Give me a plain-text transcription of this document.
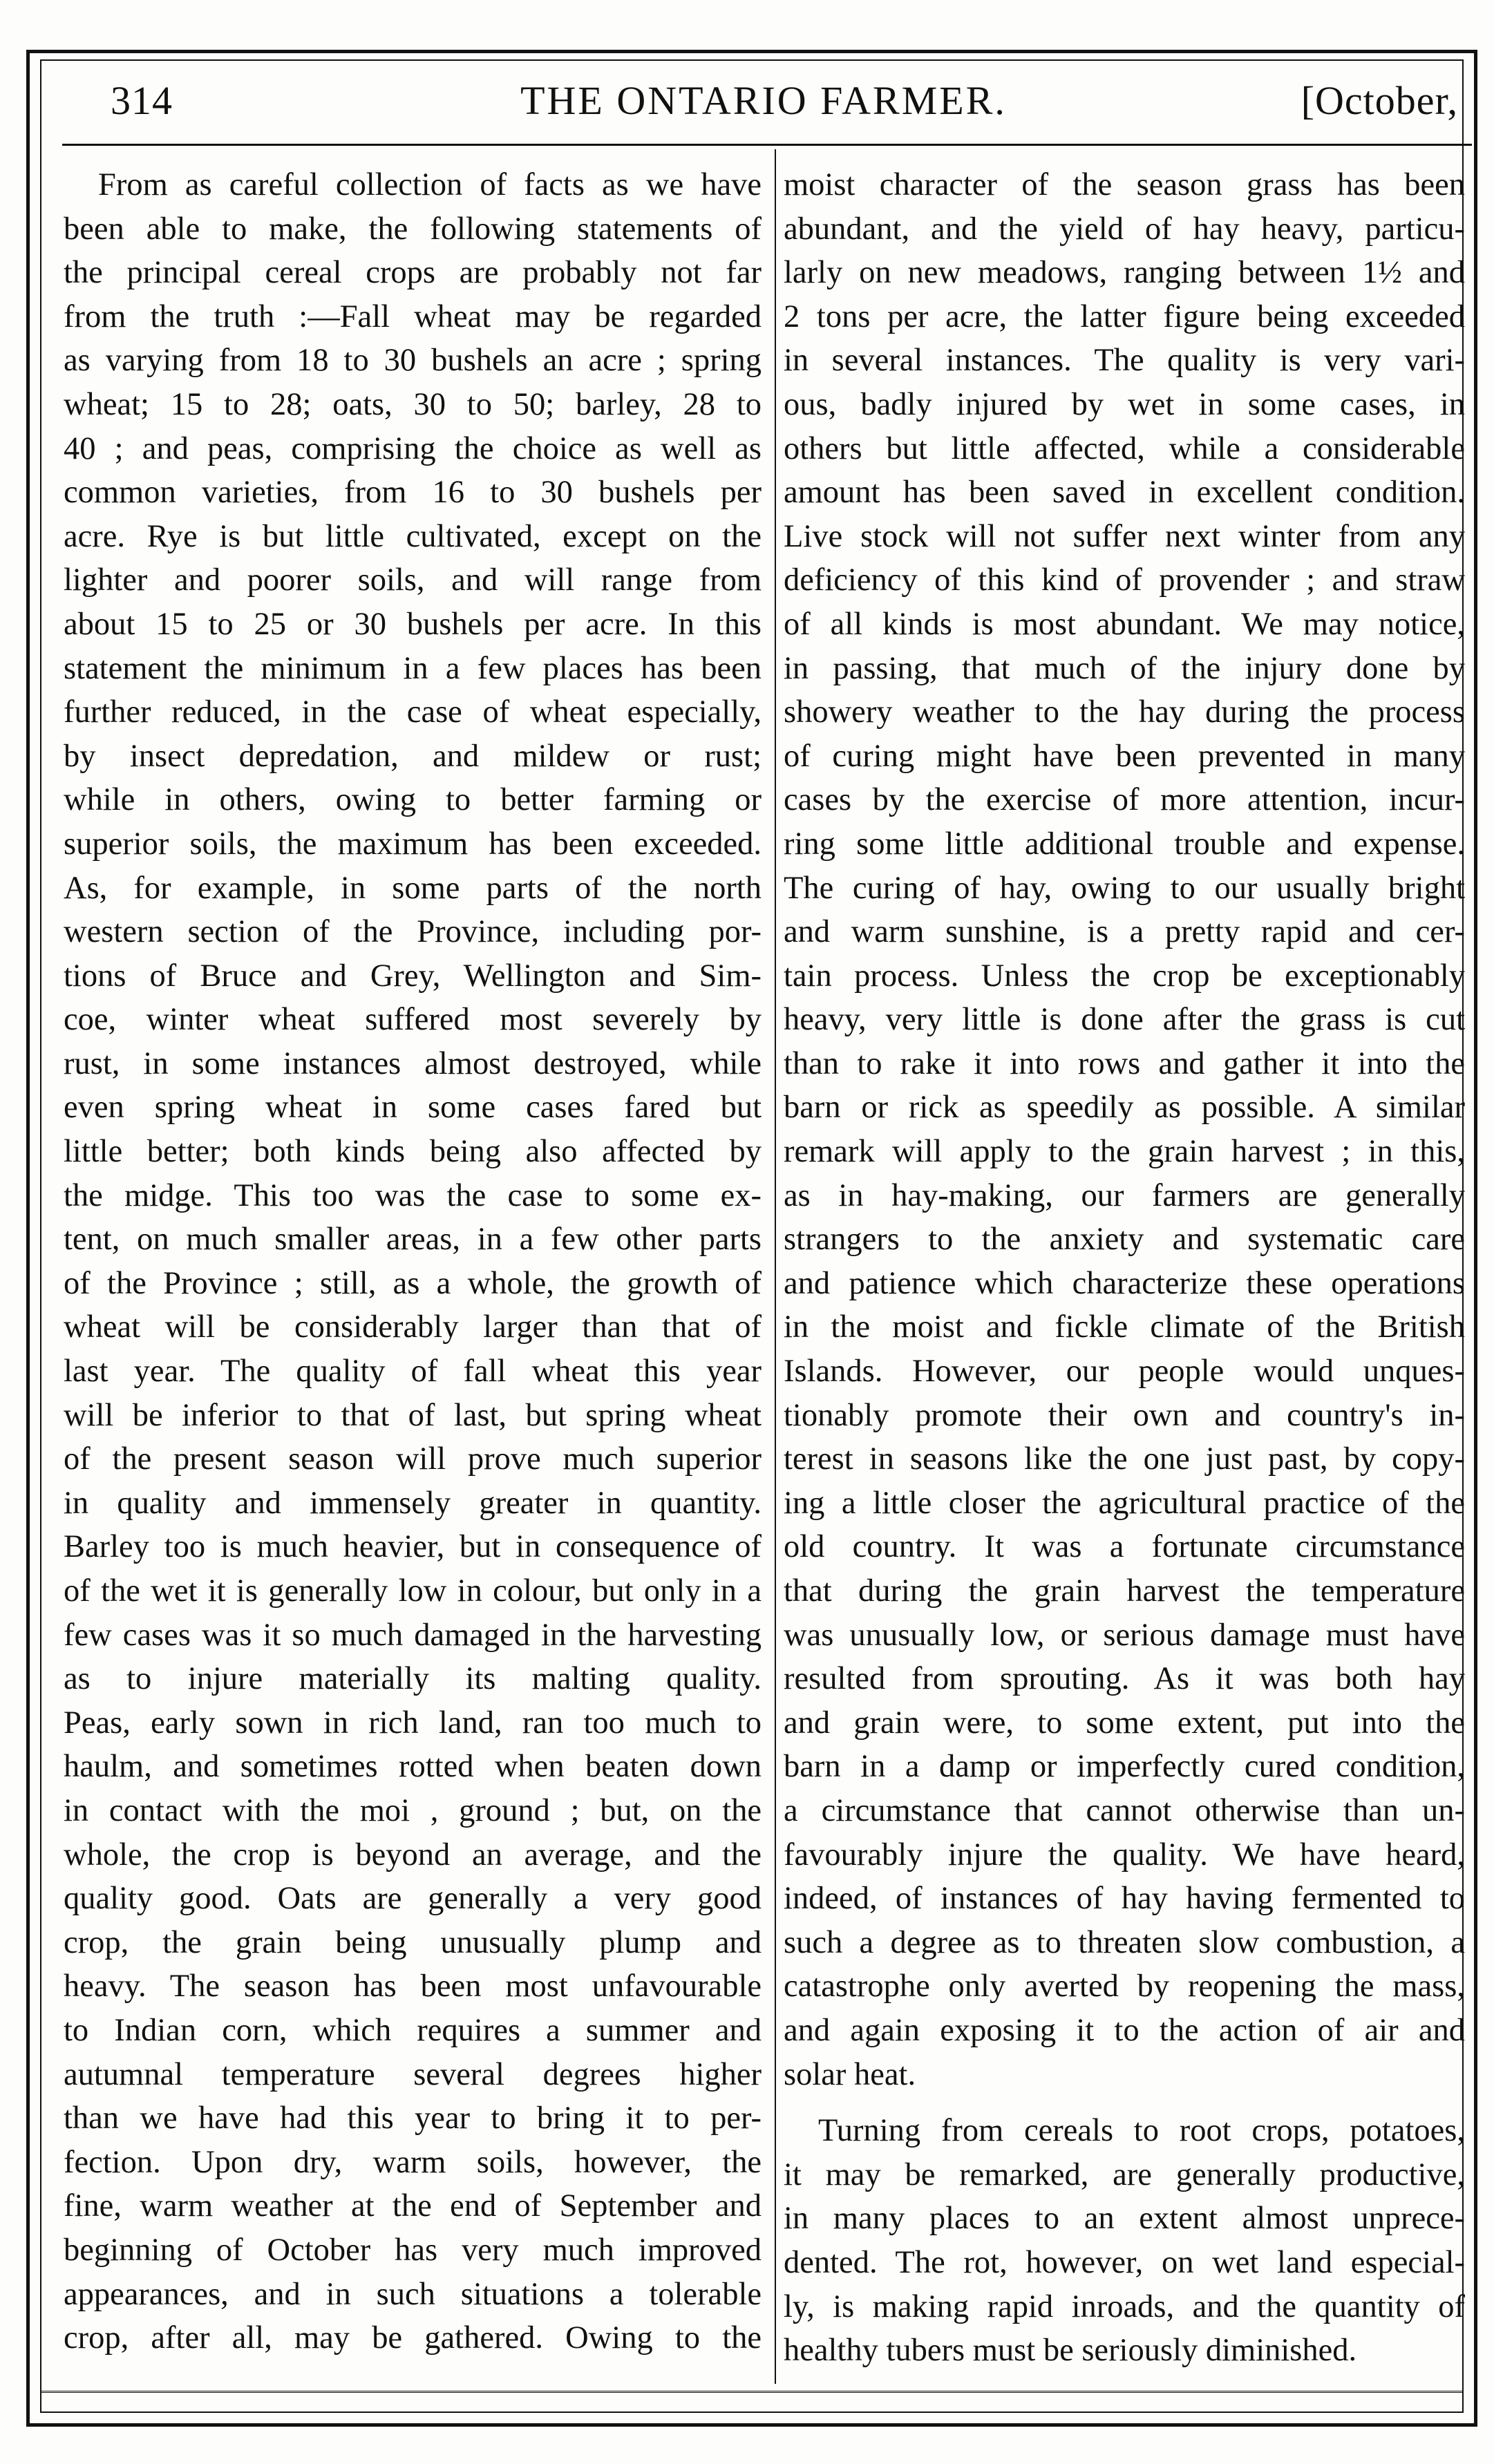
314	THE ONTARIO FARMER.	[October,
From as careful collection of facts as we have
been able to make, the following statements of
the principal cereal crops are probably not far
from the truth :—Fall wheat may be regarded
as varying from 18 to 30 bushels an acre ; spring
wheat; 15 to 28; oats, 30 to 50; barley, 28 to
40 ; and peas, comprising the choice as well as
common varieties, from 16 to 30 bushels per
acre. Rye is but little cultivated, except on the
lighter and poorer soils, and will range from
about 15 to 25 or 30 bushels per acre. In this
statement the minimum in a few places has been
further reduced, in the case of wheat especially,
by insect depredation, and mildew or rust;
while in others, owing to better farming or
superior soils, the maximum has been exceeded.
As, for example, in some parts of the north
western section of the Province, including por-
tions of Bruce and Grey, Wellington and Sim-
coe, winter wheat suffered most severely by
rust, in some instances almost destroyed, while
even spring wheat in some cases fared but
little better; both kinds being also affected by
the midge. This too was the case to some ex-
tent, on much smaller areas, in a few other parts
of the Province ; still, as a whole, the growth of
wheat will be considerably larger than that of
last year. The quality of fall wheat this year
will be inferior to that of last, but spring wheat
of the present season will prove much superior
in quality and immensely greater in quantity.
Barley too is much heavier, but in consequence of
of the wet it is generally low in colour, but only in a
few cases was it so much damaged in the harvesting
as to injure materially its malting quality.
Peas, early sown in rich land, ran too much to
haulm, and sometimes rotted when beaten down
in contact with the moi , ground ; but, on the
whole, the crop is beyond an average, and the
quality good. Oats are generally a very good
crop, the grain being unusually plump and
heavy. The season has been most unfavourable
to Indian corn, which requires a summer and
autumnal temperature several degrees higher
than we have had this year to bring it to per-
fection. Upon dry, warm soils, however, the
fine, warm weather at the end of September and
beginning of October has very much improved
appearances, and in such situations a tolerable
crop, after all, may be gathered. Owing to the
moist character of the season grass has been
abundant, and the yield of hay heavy, particu-
larly on new meadows, ranging between 1½ and
2 tons per acre, the latter figure being exceeded
in several instances. The quality is very vari-
ous, badly injured by wet in some cases, in
others but little affected, while a considerable
amount has been saved in excellent condition.
Live stock will not suffer next winter from any
deficiency of this kind of provender ; and straw
of all kinds is most abundant. We may notice,
in passing, that much of the injury done by
showery weather to the hay during the process
of curing might have been prevented in many
cases by the exercise of more attention, incur-
ring some little additional trouble and expense.
The curing of hay, owing to our usually bright
and warm sunshine, is a pretty rapid and cer-
tain process. Unless the crop be exceptionably
heavy, very little is done after the grass is cut
than to rake it into rows and gather it into the
barn or rick as speedily as possible. A similar
remark will apply to the grain harvest ; in this,
as in hay-making, our farmers are generally
strangers to the anxiety and systematic care
and patience which characterize these operations
in the moist and fickle climate of the British
Islands. However, our people would unques-
tionably promote their own and country's in-
terest in seasons like the one just past, by copy-
ing a little closer the agricultural practice of the
old country. It was a fortunate circumstance
that during the grain harvest the temperature
was unusually low, or serious damage must have
resulted from sprouting. As it was both hay
and grain were, to some extent, put into the
barn in a damp or imperfectly cured condition,
a circumstance that cannot otherwise than un-
favourably injure the quality. We have heard,
indeed, of instances of hay having fermented to
such a degree as to threaten slow combustion, a
catastrophe only averted by reopening the mass,
and again exposing it to the action of air and
solar heat.
Turning from cereals to root crops, potatoes,
it may be remarked, are generally productive,
in many places to an extent almost unprece-
dented. The rot, however, on wet land especial-
ly, is making rapid inroads, and the quantity of
healthy tubers must be seriously diminished.
